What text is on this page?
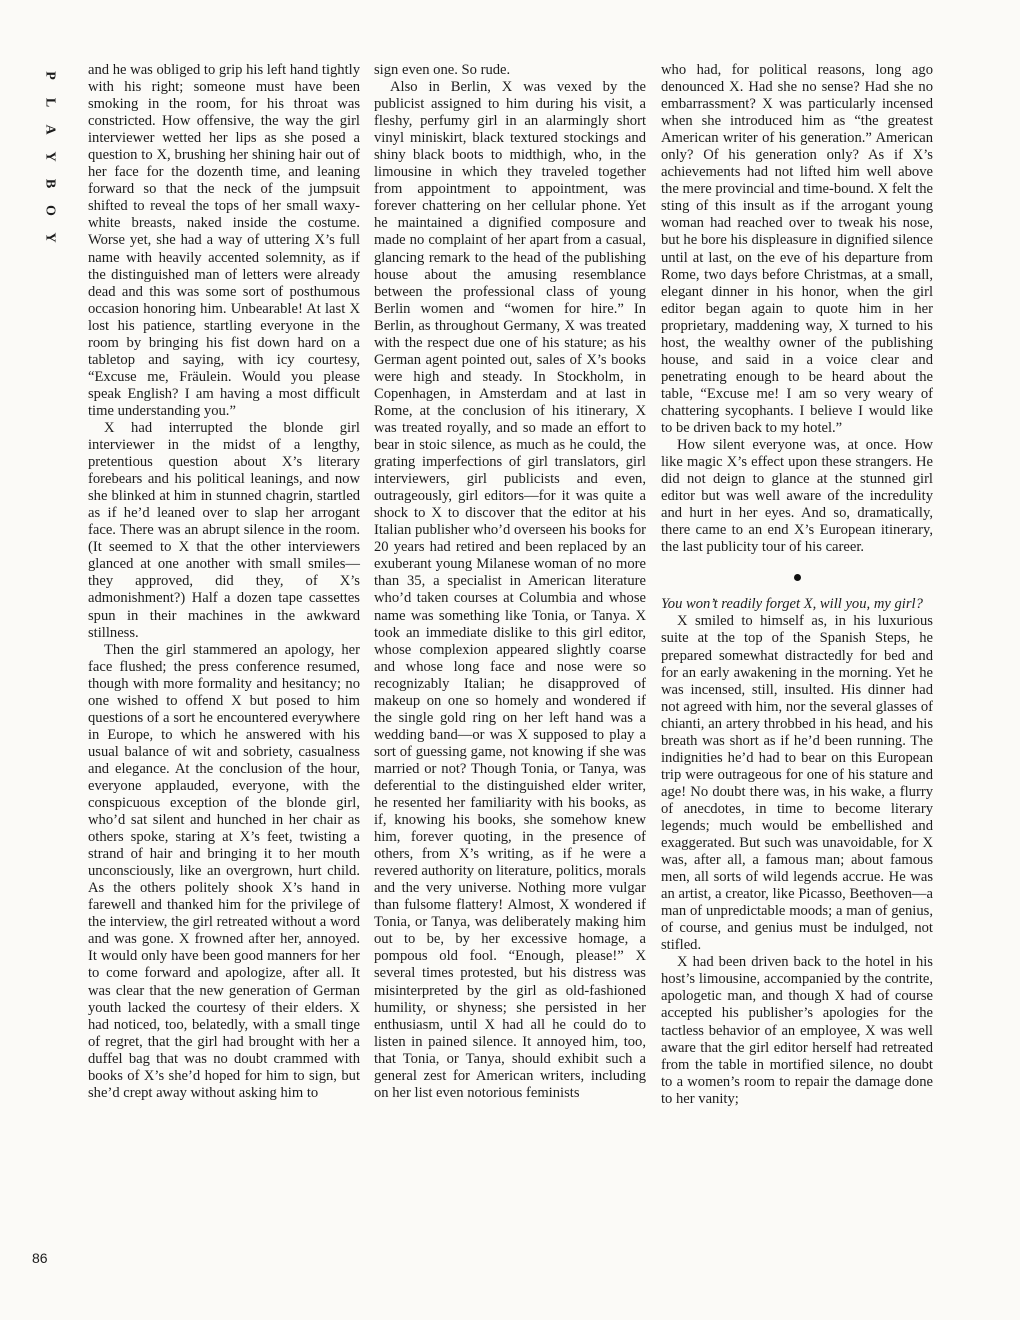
P
L
A
Y
B
O
Y
86

and he was obliged to grip his left hand tightly with his right; someone must have been smoking in the room, for his throat was constricted. How offensive, the way the girl interviewer wetted her lips as she posed a question to X, brushing her shining hair out of her face for the dozenth time, and leaning forward so that the neck of the jumpsuit shifted to reveal the tops of her small waxy-white breasts, naked inside the costume. Worse yet, she had a way of uttering X’s full name with heavily accented solemnity, as if the distinguished man of letters were already dead and this was some sort of posthumous occasion honoring him. Unbearable! At last X lost his patience, startling everyone in the room by bringing his fist down hard on a tabletop and saying, with icy courtesy, “Excuse me, Fräulein. Would you please speak English? I am having a most difficult time understanding you.”

X had interrupted the blonde girl interviewer in the midst of a lengthy, pretentious question about X’s literary forebears and his political leanings, and now she blinked at him in stunned chagrin, startled as if he’d leaned over to slap her arrogant face. There was an abrupt silence in the room. (It seemed to X that the other interviewers glanced at one another with small smiles—they approved, did they, of X’s admonishment?) Half a dozen tape cassettes spun in their machines in the awkward stillness.

Then the girl stammered an apology, her face flushed; the press conference resumed, though with more formality and hesitancy; no one wished to offend X but posed to him questions of a sort he encountered everywhere in Europe, to which he answered with his usual balance of wit and sobriety, casualness and elegance. At the conclusion of the hour, everyone applauded, everyone, with the conspicuous exception of the blonde girl, who’d sat silent and hunched in her chair as others spoke, staring at X’s feet, twisting a strand of hair and bringing it to her mouth unconsciously, like an overgrown, hurt child. As the others politely shook X’s hand in farewell and thanked him for the privilege of the interview, the girl retreated without a word and was gone. X frowned after her, annoyed. It would only have been good manners for her to come forward and apologize, after all. It was clear that the new generation of German youth lacked the courtesy of their elders. X had noticed, too, belatedly, with a small tinge of regret, that the girl had brought with her a duffel bag that was no doubt crammed with books of X’s she’d hoped for him to sign, but she’d crept away without asking him to

sign even one. So rude.

Also in Berlin, X was vexed by the publicist assigned to him during his visit, a fleshy, perfumy girl in an alarmingly short vinyl miniskirt, black textured stockings and shiny black boots to midthigh, who, in the limousine in which they traveled together from appointment to appointment, was forever chattering on her cellular phone. Yet he maintained a dignified composure and made no complaint of her apart from a casual, glancing remark to the head of the publishing house about the amusing resemblance between the professional class of young Berlin women and “women for hire.” In Berlin, as throughout Germany, X was treated with the respect due one of his stature; as his German agent pointed out, sales of X’s books were high and steady. In Stockholm, in Copenhagen, in Amsterdam and at last in Rome, at the conclusion of his itinerary, X was treated royally, and so made an effort to bear in stoic silence, as much as he could, the grating imperfections of girl translators, girl interviewers, girl publicists and even, outrageously, girl editors—for it was quite a shock to X to discover that the editor at his Italian publisher who’d overseen his books for 20 years had retired and been replaced by an exuberant young Milanese woman of no more than 35, a specialist in American literature who’d taken courses at Columbia and whose name was something like Tonia, or Tanya. X took an immediate dislike to this girl editor, whose complexion appeared slightly coarse and whose long face and nose were so recognizably Italian; he disapproved of makeup on one so homely and wondered if the single gold ring on her left hand was a wedding band—or was X supposed to play a sort of guessing game, not knowing if she was married or not? Though Tonia, or Tanya, was deferential to the distinguished elder writer, he resented her familiarity with his books, as if, knowing his books, she somehow knew him, forever quoting, in the presence of others, from X’s writing, as if he were a revered authority on literature, politics, morals and the very universe. Nothing more vulgar than fulsome flattery! Almost, X wondered if Tonia, or Tanya, was deliberately making him out to be, by her excessive homage, a pompous old fool. “Enough, please!” X several times protested, but his distress was misinterpreted by the girl as old-fashioned humility, or shyness; she persisted in her enthusiasm, until X had all he could do to listen in pained silence. It annoyed him, too, that Tonia, or Tanya, should exhibit such a general zest for American writers, including on her list even notorious feminists

who had, for political reasons, long ago denounced X. Had she no sense? Had she no embarrassment? X was particularly incensed when she introduced him as “the greatest American writer of his generation.” American only? Of his generation only? As if X’s achievements had not lifted him well above the mere provincial and time-bound. X felt the sting of this insult as if the arrogant young woman had reached over to tweak his nose, but he bore his displeasure in dignified silence until at last, on the eve of his departure from Rome, two days before Christmas, at a small, elegant dinner in his honor, when the girl editor began again to quote him in her proprietary, maddening way, X turned to his host, the wealthy owner of the publishing house, and said in a voice clear and penetrating enough to be heard about the table, “Excuse me! I am so very weary of chattering sycophants. I believe I would like to be driven back to my hotel.”

How silent everyone was, at once. How like magic X’s effect upon these strangers. He did not deign to glance at the stunned girl editor but was well aware of the incredulity and hurt in her eyes. And so, dramatically, there came to an end X’s European itinerary, the last publicity tour of his career.

You won’t readily forget X, will you, my girl?

X smiled to himself as, in his luxurious suite at the top of the Spanish Steps, he prepared somewhat distractedly for bed and for an early awakening in the morning. Yet he was incensed, still, insulted. His dinner had not agreed with him, nor the several glasses of chianti, an artery throbbed in his head, and his breath was short as if he’d been running. The indignities he’d had to bear on this European trip were outrageous for one of his stature and age! No doubt there was, in his wake, a flurry of anecdotes, in time to become literary legends; much would be embellished and exaggerated. But such was unavoidable, for X was, after all, a famous man; about famous men, all sorts of wild legends accrue. He was an artist, a creator, like Picasso, Beethoven—a man of unpredictable moods; a man of genius, of course, and genius must be indulged, not stifled.

X had been driven back to the hotel in his host’s limousine, accompanied by the contrite, apologetic man, and though X had of course accepted his publisher’s apologies for the tactless behavior of an employee, X was well aware that the girl editor herself had retreated from the table in mortified silence, no doubt to a women’s room to repair the damage done to her vanity;
